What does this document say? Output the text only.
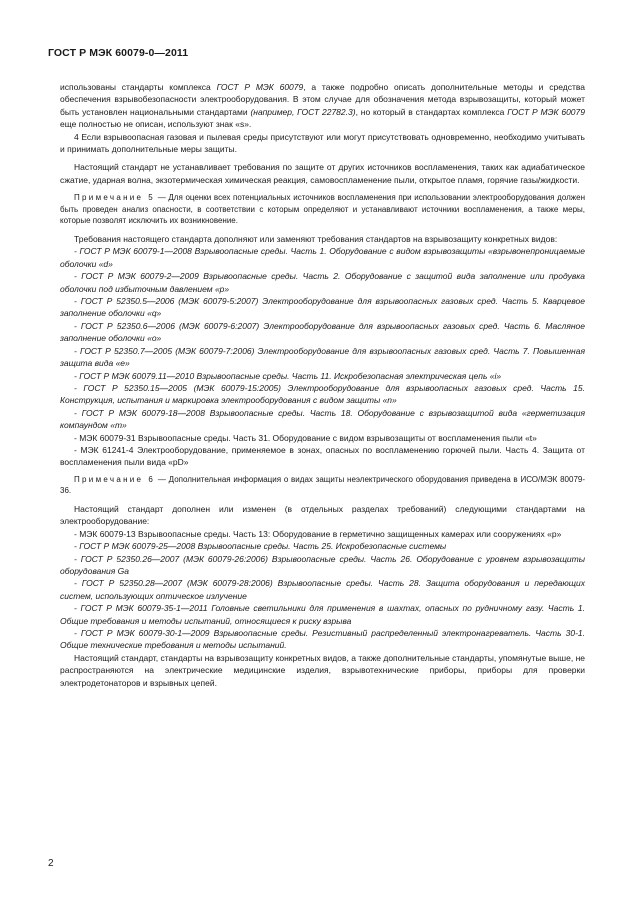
ГОСТ Р МЭК 60079-0—2011

использованы стандарты комплекса ГОСТ Р МЭК 60079, а также подробно описать дополнительные методы и средства обеспечения взрывобезопасности электрооборудования. В этом случае для обозначения метода взрывозащиты, который может быть установлен национальными стандартами (например, ГОСТ 22782.3), но который в стандартах комплекса ГОСТ Р МЭК 60079 еще полностью не описан, используют знак «s».

4 Если взрывоопасная газовая и пылевая среды присутствуют или могут присутствовать одновременно, необходимо учитывать и принимать дополнительные меры защиты.

Настоящий стандарт не устанавливает требования по защите от других источников воспламенения, таких как адиабатическое сжатие, ударная волна, экзотермическая химическая реакция, самовоспламенение пыли, открытое пламя, горячие газы/жидкости.

Примечание 5 — Для оценки всех потенциальных источников воспламенения при использовании электрооборудования должен быть проведен анализ опасности, в соответствии с которым определяют и устанавливают источники воспламенения, а также меры, которые позволят исключить их возникновение.

Требования настоящего стандарта дополняют или заменяют требования стандартов на взрывозащиту конкретных видов:

- ГОСТ Р МЭК 60079-1—2008 Взрывоопасные среды. Часть 1. Оборудование с видом взрывозащиты «взрывонепроницаемые оболочки «d»

- ГОСТ Р МЭК 60079-2—2009 Взрывоопасные среды. Часть 2. Оборудование с защитой вида заполнение или продувка оболочки под избыточным давлением «p»

- ГОСТ Р 52350.5—2006 (МЭК 60079-5:2007) Электрооборудование для взрывоопасных газовых сред. Часть 5. Кварцевое заполнение оболочки «q»

- ГОСТ Р 52350.6—2006 (МЭК 60079-6:2007) Электрооборудование для взрывоопасных газовых сред. Часть 6. Масляное заполнение оболочки «о»

- ГОСТ Р 52350.7—2005 (МЭК 60079-7:2006) Электрооборудование для взрывоопасных газовых сред. Часть 7. Повышенная защита вида «е»

- ГОСТ Р МЭК 60079.11—2010 Взрывоопасные среды. Часть 11. Искробезопасная электрическая цепь «i»

- ГОСТ Р 52350.15—2005 (МЭК 60079-15:2005) Электрооборудование для взрывоопасных газовых сред. Часть 15. Конструкция, испытания и маркировка электрооборудования с видом защиты «n»

- ГОСТ Р МЭК 60079-18—2008 Взрывоопасные среды. Часть 18. Оборудование с взрывозащитой вида «герметизация компаундом «m»

- МЭК 60079-31 Взрывоопасные среды. Часть 31. Оборудование с видом взрывозащиты от воспламенения пыли «t»

- МЭК 61241-4 Электрооборудование, применяемое в зонах, опасных по воспламенению горючей пыли. Часть 4. Защита от воспламенения пыли вида «pD»

Примечание 6 — Дополнительная информация о видах защиты неэлектрического оборудования приведена в ИСО/МЭК 80079-36.

Настоящий стандарт дополнен или изменен (в отдельных разделах требований) следующими стандартами на электрооборудование:

- МЭК 60079-13 Взрывоопасные среды. Часть 13: Оборудование в герметично защищенных камерах или сооружениях «р»

- ГОСТ Р МЭК 60079-25—2008 Взрывоопасные среды. Часть 25. Искробезопасные системы

- ГОСТ Р 52350.26—2007 (МЭК 60079-26:2006) Взрывоопасные среды. Часть 26. Оборудование с уровнем взрывозащиты оборудования Ga

- ГОСТ Р 52350.28—2007 (МЭК 60079-28:2006) Взрывоопасные среды. Часть 28. Защита оборудования и передающих систем, использующих оптическое излучение

- ГОСТ Р МЭК 60079-35-1—2011 Головные светильники для применения в шахтах, опасных по рудничному газу. Часть 1. Общие требования и методы испытаний, относящиеся к риску взрыва

- ГОСТ Р МЭК 60079-30-1—2009 Взрывоопасные среды. Резистивный распределенный электронагреватель. Часть 30-1. Общие технические требования и методы испытаний.

Настоящий стандарт, стандарты на взрывозащиту конкретных видов, а также дополнительные стандарты, упомянутые выше, не распространяются на электрические медицинские изделия, взрывотехнические приборы, приборы для проверки электродетонаторов и взрывных цепей.

2
